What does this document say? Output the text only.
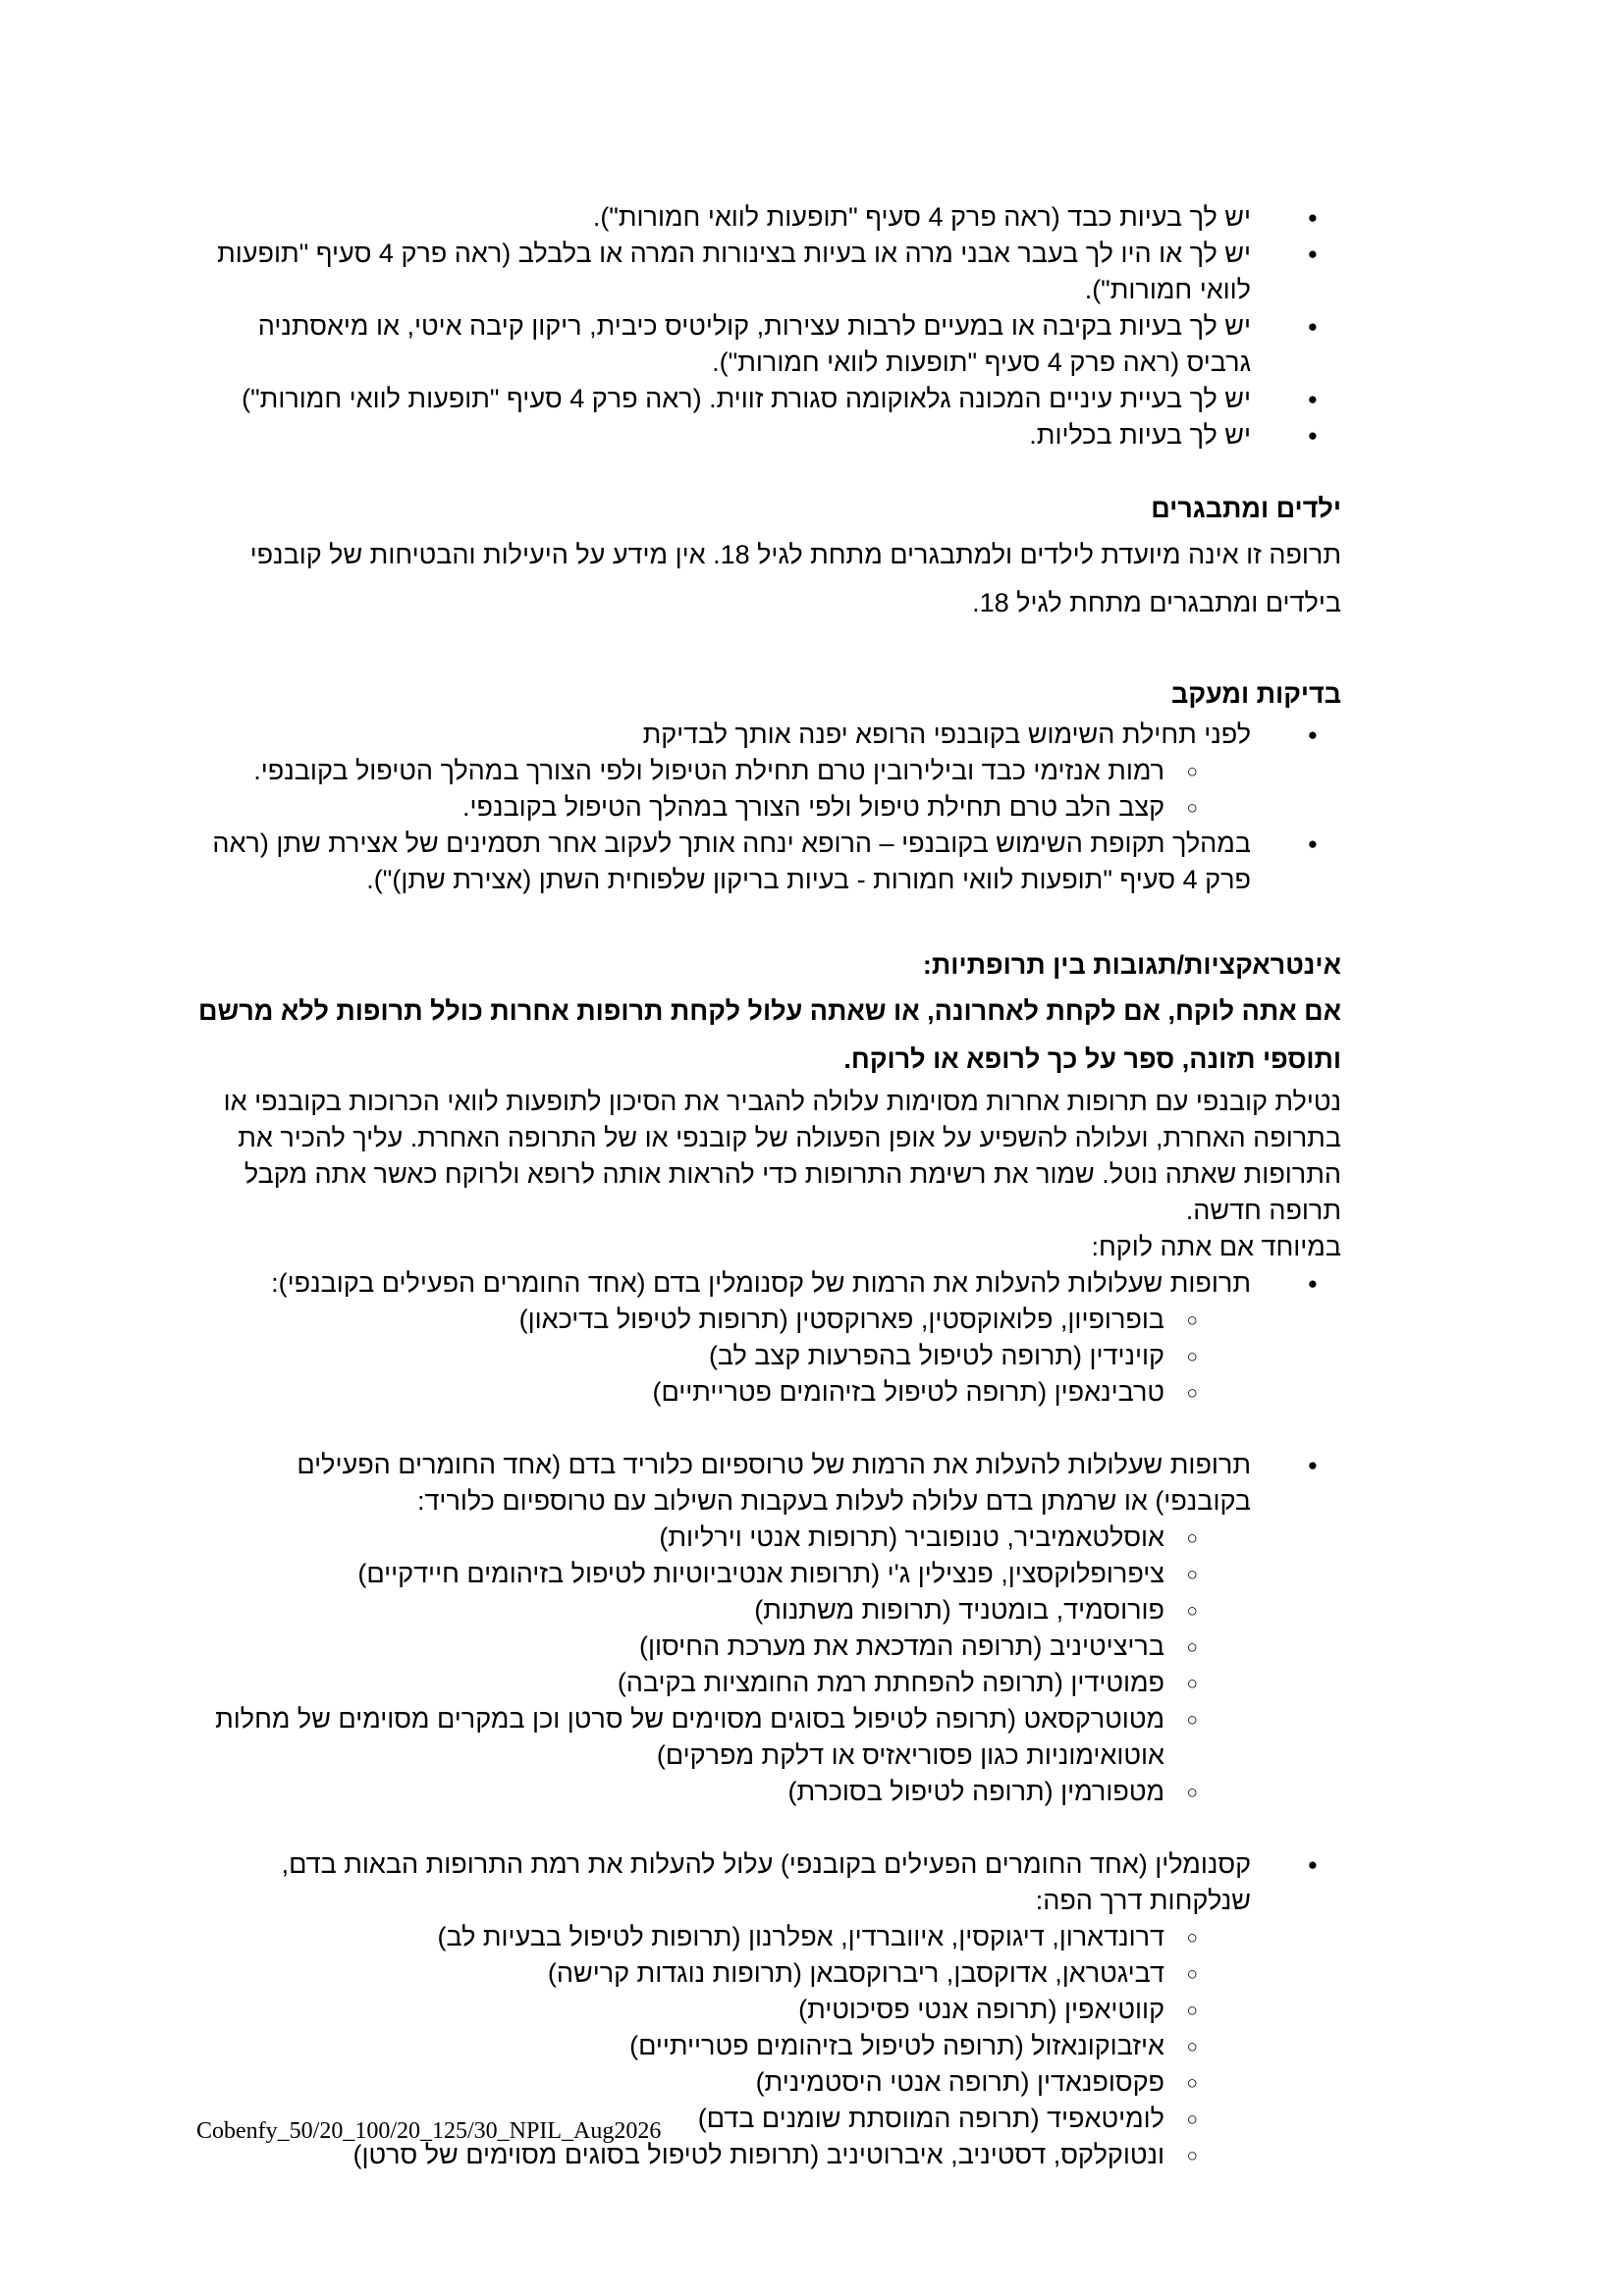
● יש לך בעיות כבד (ראה פרק 4 סעיף "תופעות לוואי חמורות").
● יש לך או היו לך בעבר אבני מרה או בעיות בצינורות המרה או בלבלב (ראה פרק 4 סעיף "תופעות לוואי חמורות").
● יש לך בעיות בקיבה או במעיים לרבות עצירות, קוליטיס כיבית, ריקון קיבה איטי, או מיאסתניה גרביס (ראה פרק 4 סעיף "תופעות לוואי חמורות").
● יש לך בעיית עיניים המכונה גלאוקומה סגורת זווית. (ראה פרק 4 סעיף "תופעות לוואי חמורות")
● יש לך בעיות בכליות.
ילדים ומתבגרים

תרופה זו אינה מיועדת לילדים ולמתבגרים מתחת לגיל 18. אין מידע על היעילות והבטיחות של קובנפי בילדים ומתבגרים מתחת לגיל 18.

בדיקות ומעקב
● לפני תחילת השימוש בקובנפי הרופא יפנה אותך לבדיקת
○ רמות אנזימי כבד ובילירובין טרם תחילת הטיפול ולפי הצורך במהלך הטיפול בקובנפי.
○ קצב הלב טרם תחילת טיפול ולפי הצורך במהלך הטיפול בקובנפי.
● במהלך תקופת השימוש בקובנפי – הרופא ינחה אותך לעקוב אחר תסמינים של אצירת שתן (ראה פרק 4 סעיף "תופעות לוואי חמורות - בעיות בריקון שלפוחית השתן (אצירת שתן)").
אינטראקציות/תגובות בין תרופתיות:

אם אתה לוקח, אם לקחת לאחרונה, או שאתה עלול לקחת תרופות אחרות כולל תרופות ללא מרשם ותוספי תזונה, ספר על כך לרופא או לרוקח.

נטילת קובנפי עם תרופות אחרות מסוימות עלולה להגביר את הסיכון לתופעות לוואי הכרוכות בקובנפי או בתרופה האחרת, ועלולה להשפיע על אופן הפעולה של קובנפי או של התרופה האחרת. עליך להכיר את התרופות שאתה נוטל. שמור את רשימת התרופות כדי להראות אותה לרופא ולרוקח כאשר אתה מקבל תרופה חדשה.

במיוחד אם אתה לוקח:

● תרופות שעלולות להעלות את הרמות של קסנומלין בדם (אחד החומרים הפעילים בקובנפי):
○ בופרופיון, פלואוקסטין, פארוקסטין (תרופות לטיפול בדיכאון)
○ קוינידין (תרופה לטיפול בהפרעות קצב לב)
○ טרבינאפין (תרופה לטיפול בזיהומים פטרייתיים)
● תרופות שעלולות להעלות את הרמות של טרוספיום כלוריד בדם (אחד החומרים הפעילים בקובנפי) או שרמתן בדם עלולה לעלות בעקבות השילוב עם טרוספיום כלוריד:
○ אוסלטאמיביר, טנופוביר (תרופות אנטי וירליות)
○ ציפרופלוקסצין, פנצילין ג'י (תרופות אנטיביוטיות לטיפול בזיהומים חיידקיים)
○ פורוסמיד, בומטניד (תרופות משתנות)
○ בריציטיניב (תרופה המדכאת את מערכת החיסון)
○ פמוטידין (תרופה להפחתת רמת החומציות בקיבה)
○ מטוטרקסאט (תרופה לטיפול בסוגים מסוימים של סרטן וכן במקרים מסוימים של מחלות אוטואימוניות כגון פסוריאזיס או דלקת מפרקים)
○ מטפורמין (תרופה לטיפול בסוכרת)
● קסנומלין (אחד החומרים הפעילים בקובנפי) עלול להעלות את רמת התרופות הבאות בדם, שנלקחות דרך הפה:
○ דרונדארון, דיגוקסין, איווברדין, אפלרנון (תרופות לטיפול בבעיות לב)
○ דביגטראן, אדוקסבן, ריברוקסבאן (תרופות נוגדות קרישה)
○ קווטיאפין (תרופה אנטי פסיכוטית)
○ איזבוקונאזול (תרופה לטיפול בזיהומים פטרייתיים)
○ פקסופנאדין (תרופה אנטי היסטמינית)
○ לומיטאפיד (תרופה המווסתת שומנים בדם)
○ ונטוקלקס, דסטיניב, איברוטיניב (תרופות לטיפול בסוגים מסוימים של סרטן)
Cobenfy_50/20_100/20_125/30_NPIL_Aug2026
